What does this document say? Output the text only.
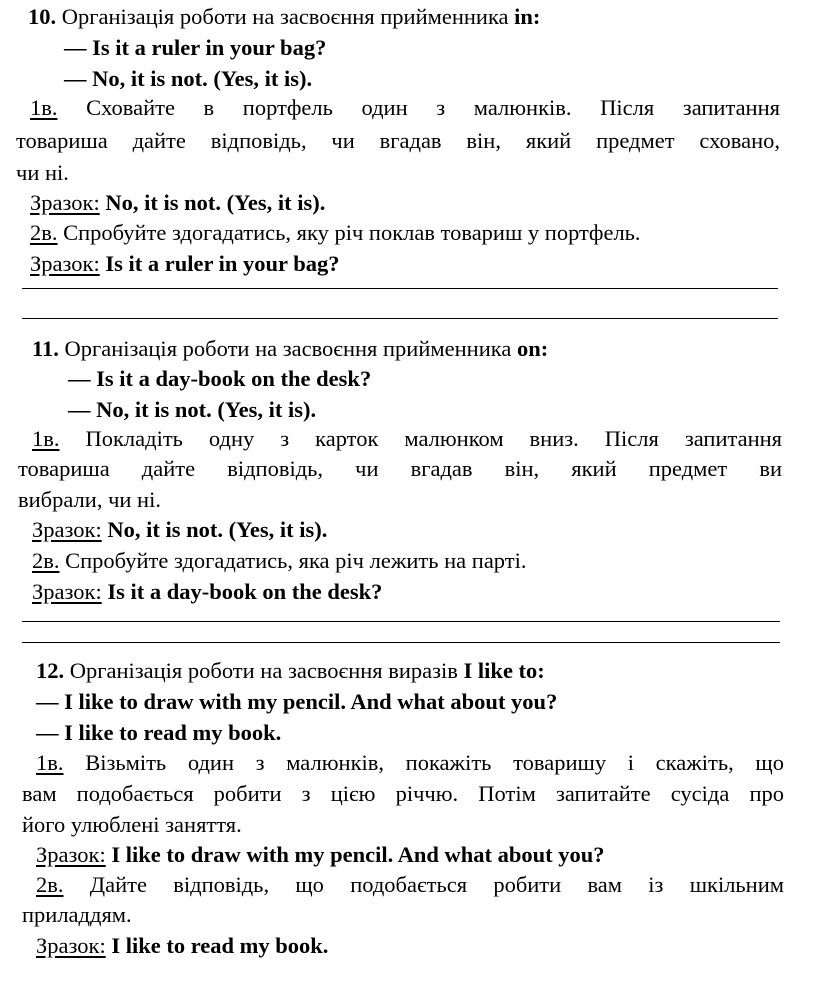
10. Організація роботи на засвоєння прийменника in:
— Is it a ruler in your bag?
— No, it is not. (Yes, it is).
1в. Сховайте в портфель один з малюнків. Після запитання
товариша дайте відповідь, чи вгадав він, який предмет сховано,
чи ні.
Зразок: No, it is not. (Yes, it is).
2в. Спробуйте здогадатись, яку річ поклав товариш у портфель.
Зразок: Is it a ruler in your bag?
11. Організація роботи на засвоєння прийменника on:
— Is it a day-book on the desk?
— No, it is not. (Yes, it is).
1в. Покладіть одну з карток малюнком вниз. Після запитання
товариша дайте відповідь, чи вгадав він, який предмет ви
вибрали, чи ні.
Зразок: No, it is not. (Yes, it is).
2в. Спробуйте здогадатись, яка річ лежить на парті.
Зразок: Is it a day-book on the desk?
12. Організація роботи на засвоєння виразів I like to:
— I like to draw with my pencil. And what about you?
— I like to read my book.
1в. Візьміть один з малюнків, покажіть товаришу і скажіть, що
вам подобається робити з цією річчю. Потім запитайте сусіда про
його улюблені заняття.
Зразок: I like to draw with my pencil. And what about you?
2в. Дайте відповідь, що подобається робити вам із шкільним
приладдям.
Зразок: I like to read my book.
